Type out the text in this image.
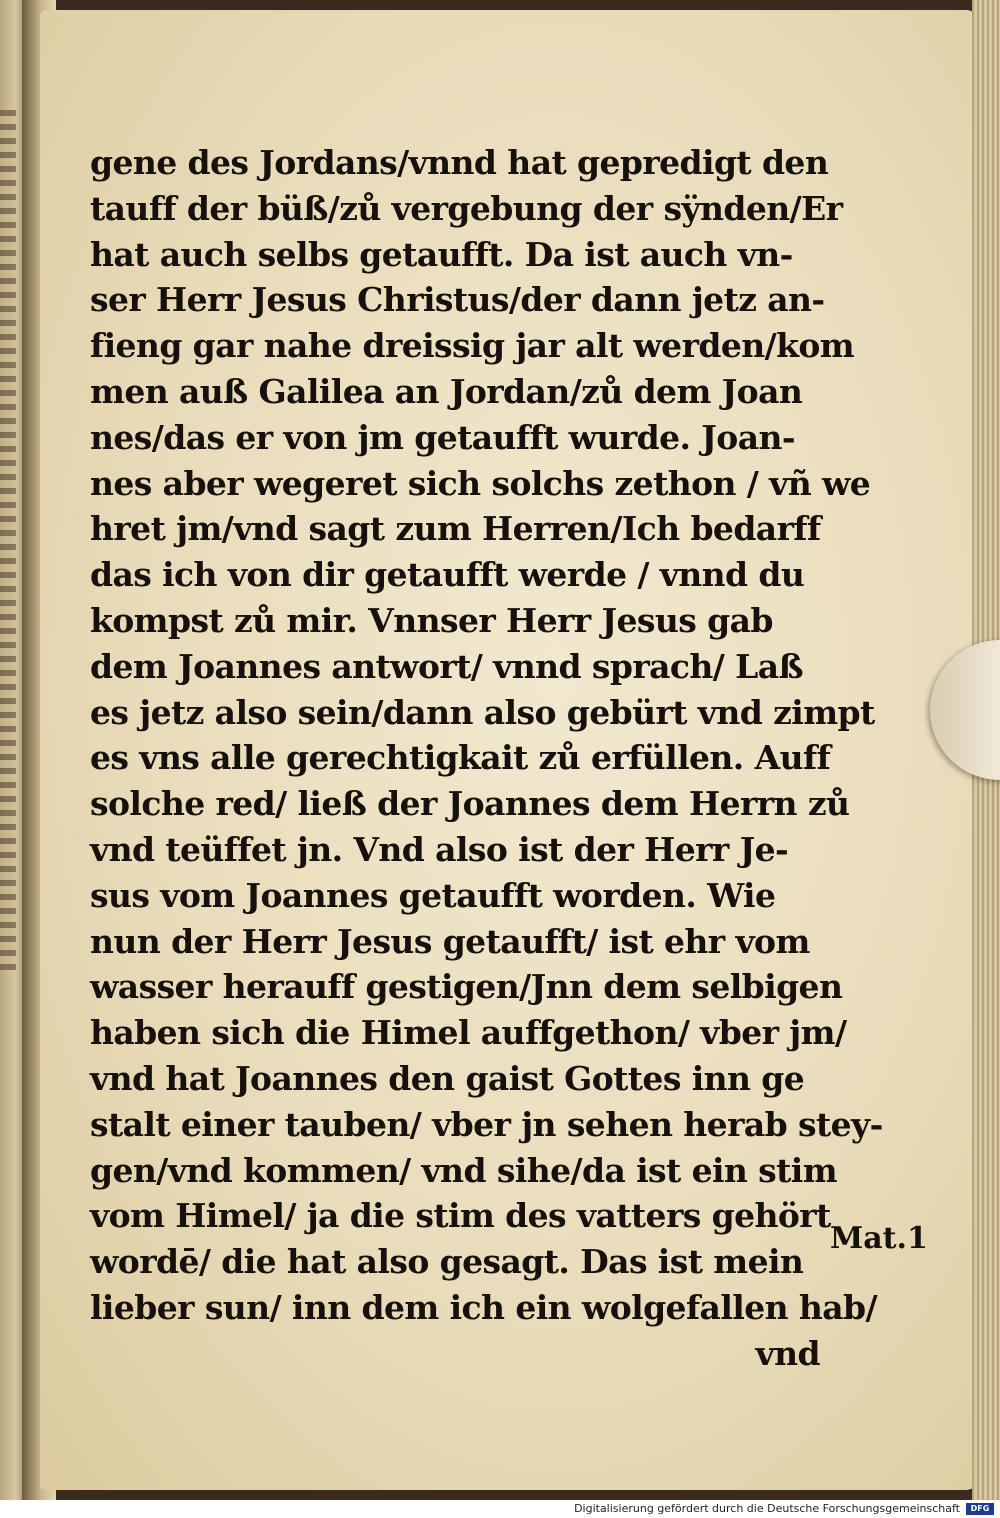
gene des Jordans/vnnd hat gepredigt den
tauff der büß/zů vergebung der sÿnden/Er
hat auch selbs getaufft. Da ist auch vn-
ser Herr Jesus Christus/der dann jetz an-
fieng gar nahe dreissig jar alt werden/kom
men auß Galilea an Jordan/zů dem Joan
nes/das er von jm getaufft wurde. Joan-
nes aber wegeret sich solchs zethon / vñ we
hret jm/vnd sagt zum Herren/Ich bedarff
das ich von dir getaufft werde / vnnd du
kompst zů mir. Vnnser Herr Jesus gab
dem Joannes antwort/ vnnd sprach/ Laß
es jetz also sein/dann also gebürt vnd zimpt
es vns alle gerechtigkait zů erfüllen. Auff
solche red/ ließ der Joannes dem Herrn zů
vnd teüffet jn. Vnd also ist der Herr Je-
sus vom Joannes getaufft worden. Wie
nun der Herr Jesus getaufft/ ist ehr vom
wasser herauff gestigen/Jnn dem selbigen
haben sich die Himel auffgethon/ vber jm/
vnd hat Joannes den gaist Gottes inn ge
stalt einer tauben/ vber jn sehen herab stey-
gen/vnd kommen/ vnd sihe/da ist ein stim
vom Himel/ ja die stim des vatters gehört
wordē/ die hat also gesagt. Das ist mein
lieber sun/ inn dem ich ein wolgefallen hab/
vnd
Mat.1
Digitalisierung gefördert durch die Deutsche Forschungsgemeinschaft	DFG
